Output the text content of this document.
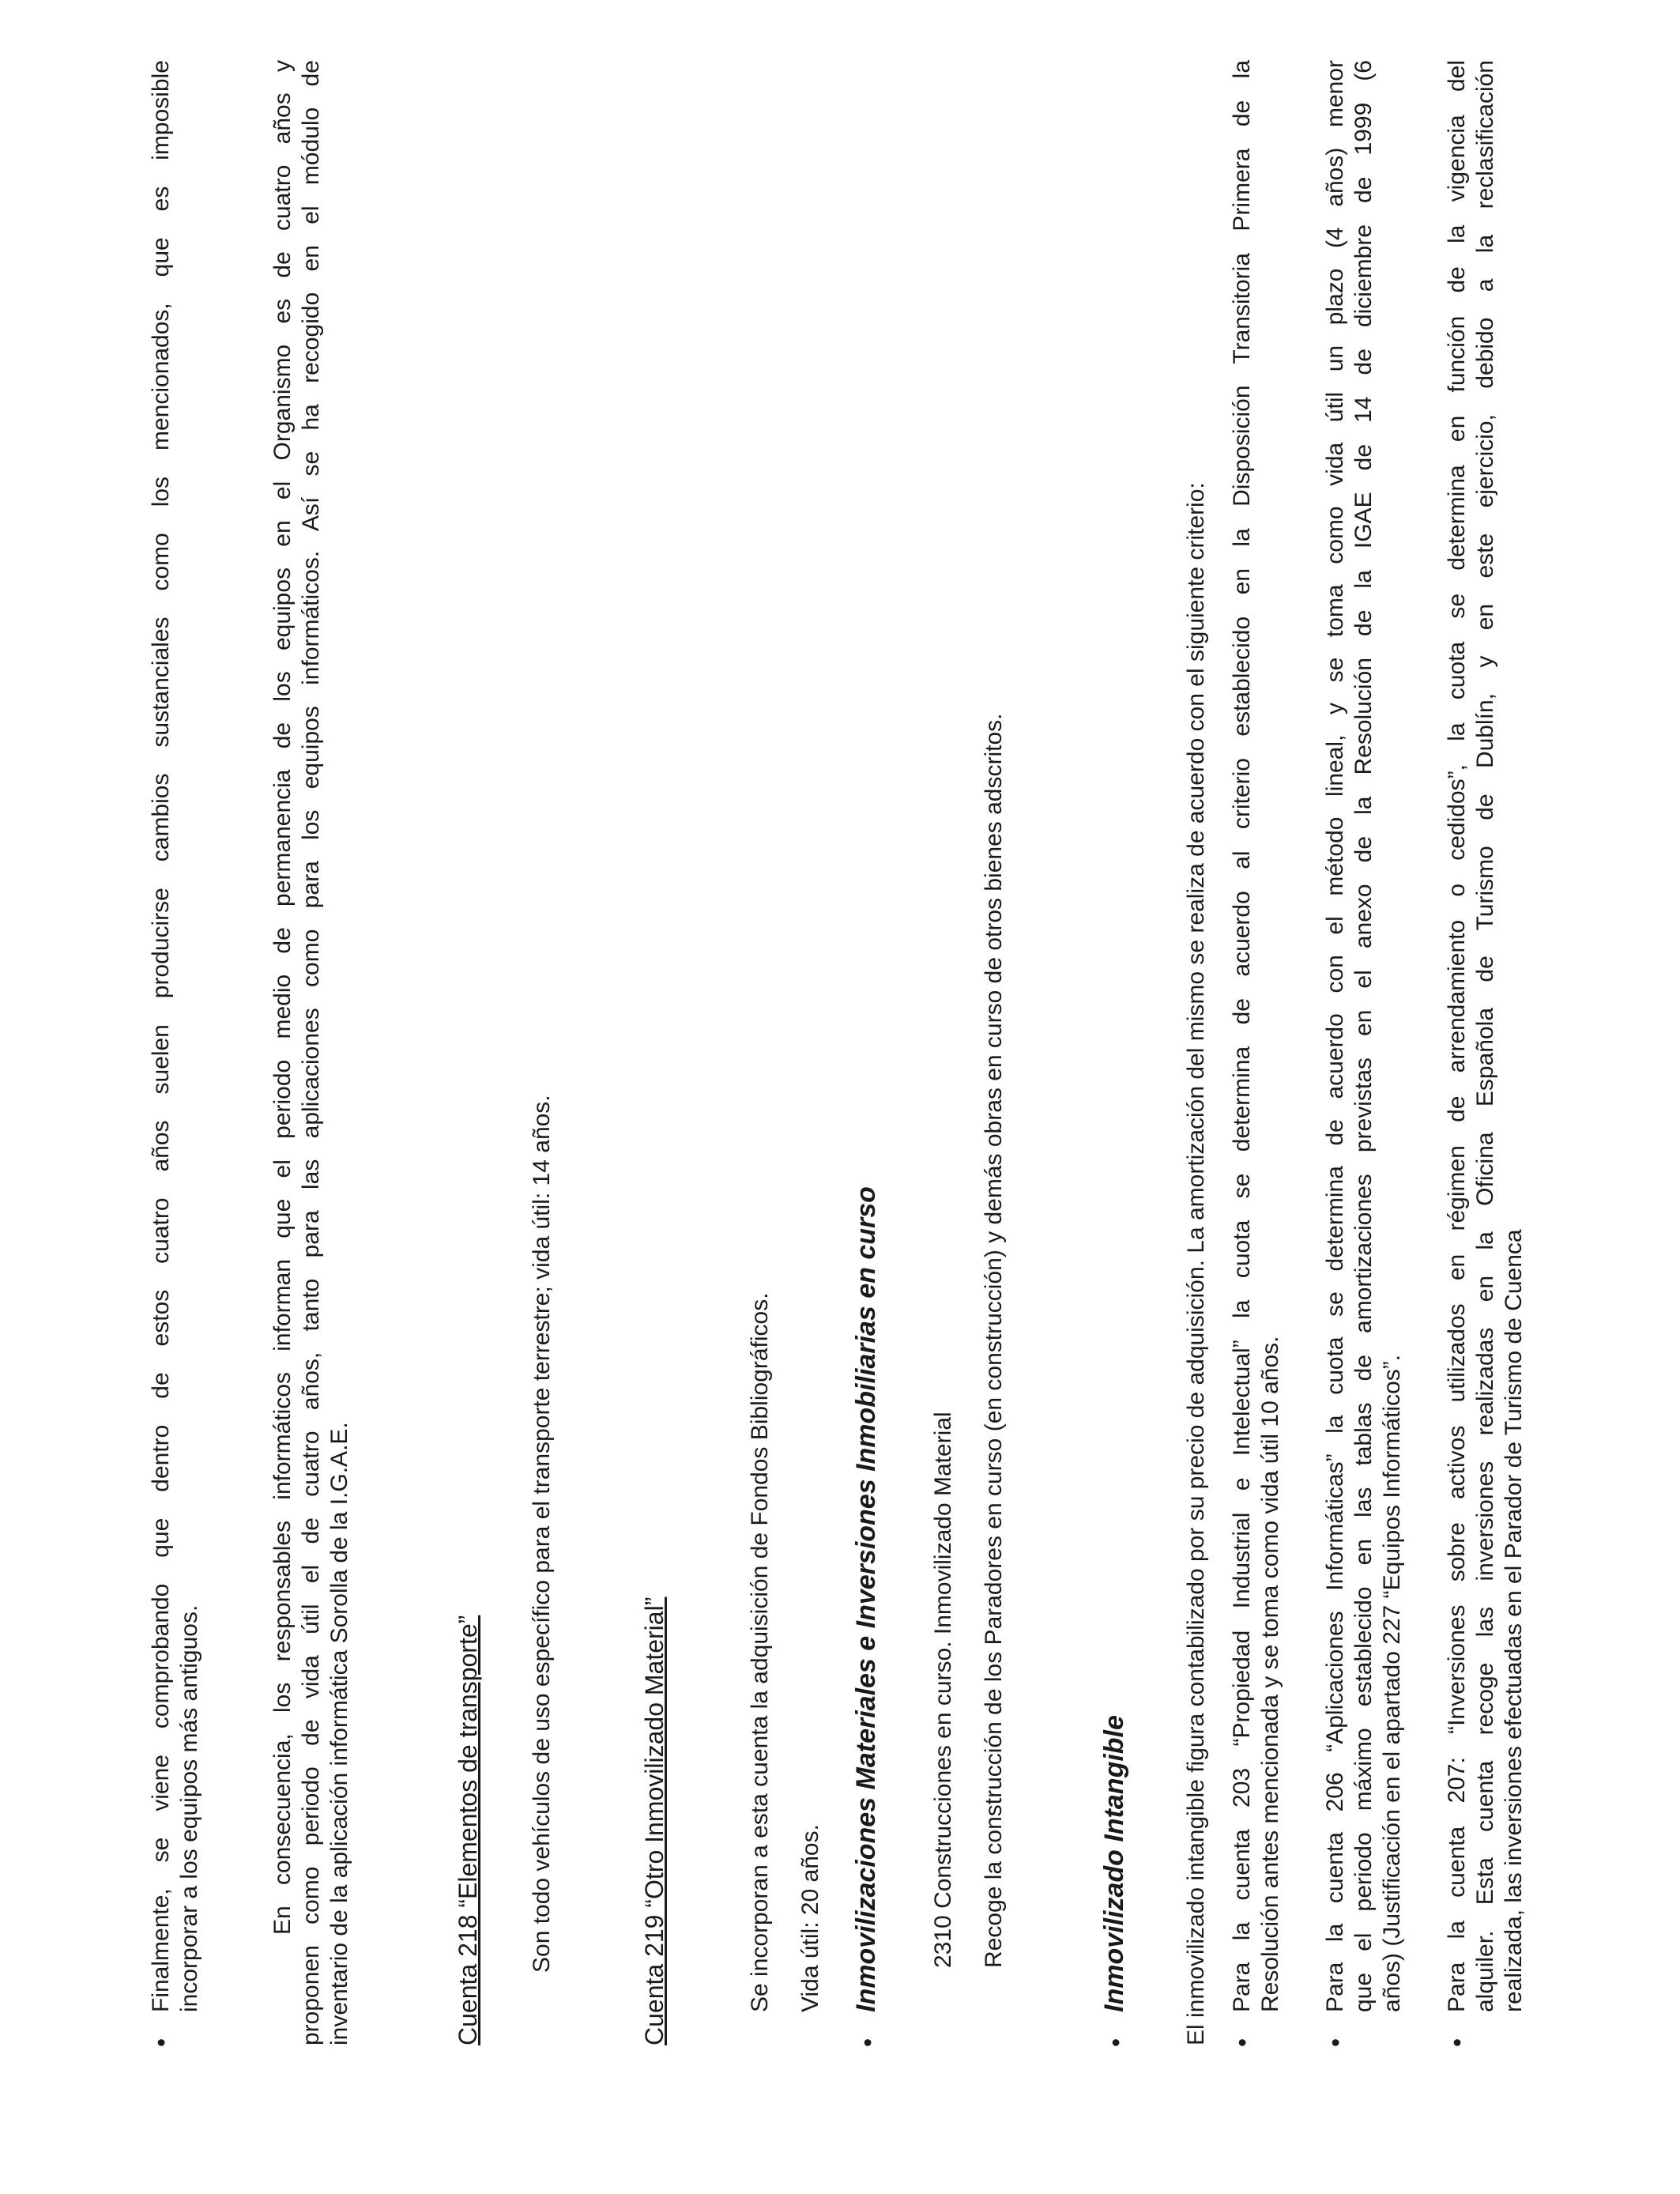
•
Finalmente, se viene comprobando que dentro de estos cuatro años suelen producirse cambios sustanciales como los mencionados, que es imposible incorporar a los equipos más antiguos.	En consecuencia, los responsables informáticos informan que el periodo medio de permanencia de los equipos en el Organismo es de cuatro años y proponen como periodo de vida útil el de cuatro años, tanto para las aplicaciones como para los equipos informáticos. Así se ha recogido en el módulo de inventario de la aplicación informática Sorolla de la I.G.A.E.	Cuenta 218 “Elementos de transporte” Son todo vehículos de uso específico para el transporte terrestre; vida útil: 14 años.	Cuenta 219 “Otro Inmovilizado Material”	Se incorporan a esta cuenta la adquisición de Fondos Bibliográficos. Vida útil: 20 años.
•
Inmovilizaciones Materiales e Inversiones Inmobiliarias en curso 2310 Construcciones en curso. Inmovilizado Material Recoge la construcción de los Paradores en curso (en construcción) y demás obras en curso de otros bienes adscritos.
•
Inmovilizado Intangible El inmovilizado intangible figura contabilizado por su precio de adquisición. La amortización del mismo se realiza de acuerdo con el siguiente criterio: •
Para la cuenta 203 “Propiedad Industrial e Intelectual” la cuota se determina de acuerdo al criterio establecido en la Disposición Transitoria Primera de la Resolución antes mencionada y se toma como vida útil 10 años.
•
Para la cuenta 206 “Aplicaciones Informáticas” la cuota se determina de acuerdo con el método lineal, y se toma como vida útil un plazo (4 años) menor que el periodo máximo establecido en las tablas de amortizaciones previstas en el anexo de la Resolución de la IGAE de 14 de diciembre de 1999 (6 años) (Justificación en el apartado 227 “Equipos Informáticos”.
•
Para la cuenta 207: “Inversiones sobre activos utilizados en régimen de arrendamiento o cedidos”, la cuota se determina en función de la vigencia del alquiler. Esta cuenta recoge las inversiones realizadas en la Oficina Española de Turismo de Dublín, y en este ejercicio, debido a la reclasificación realizada, las inversiones efectuadas en el Parador de Turismo de Cuenca
